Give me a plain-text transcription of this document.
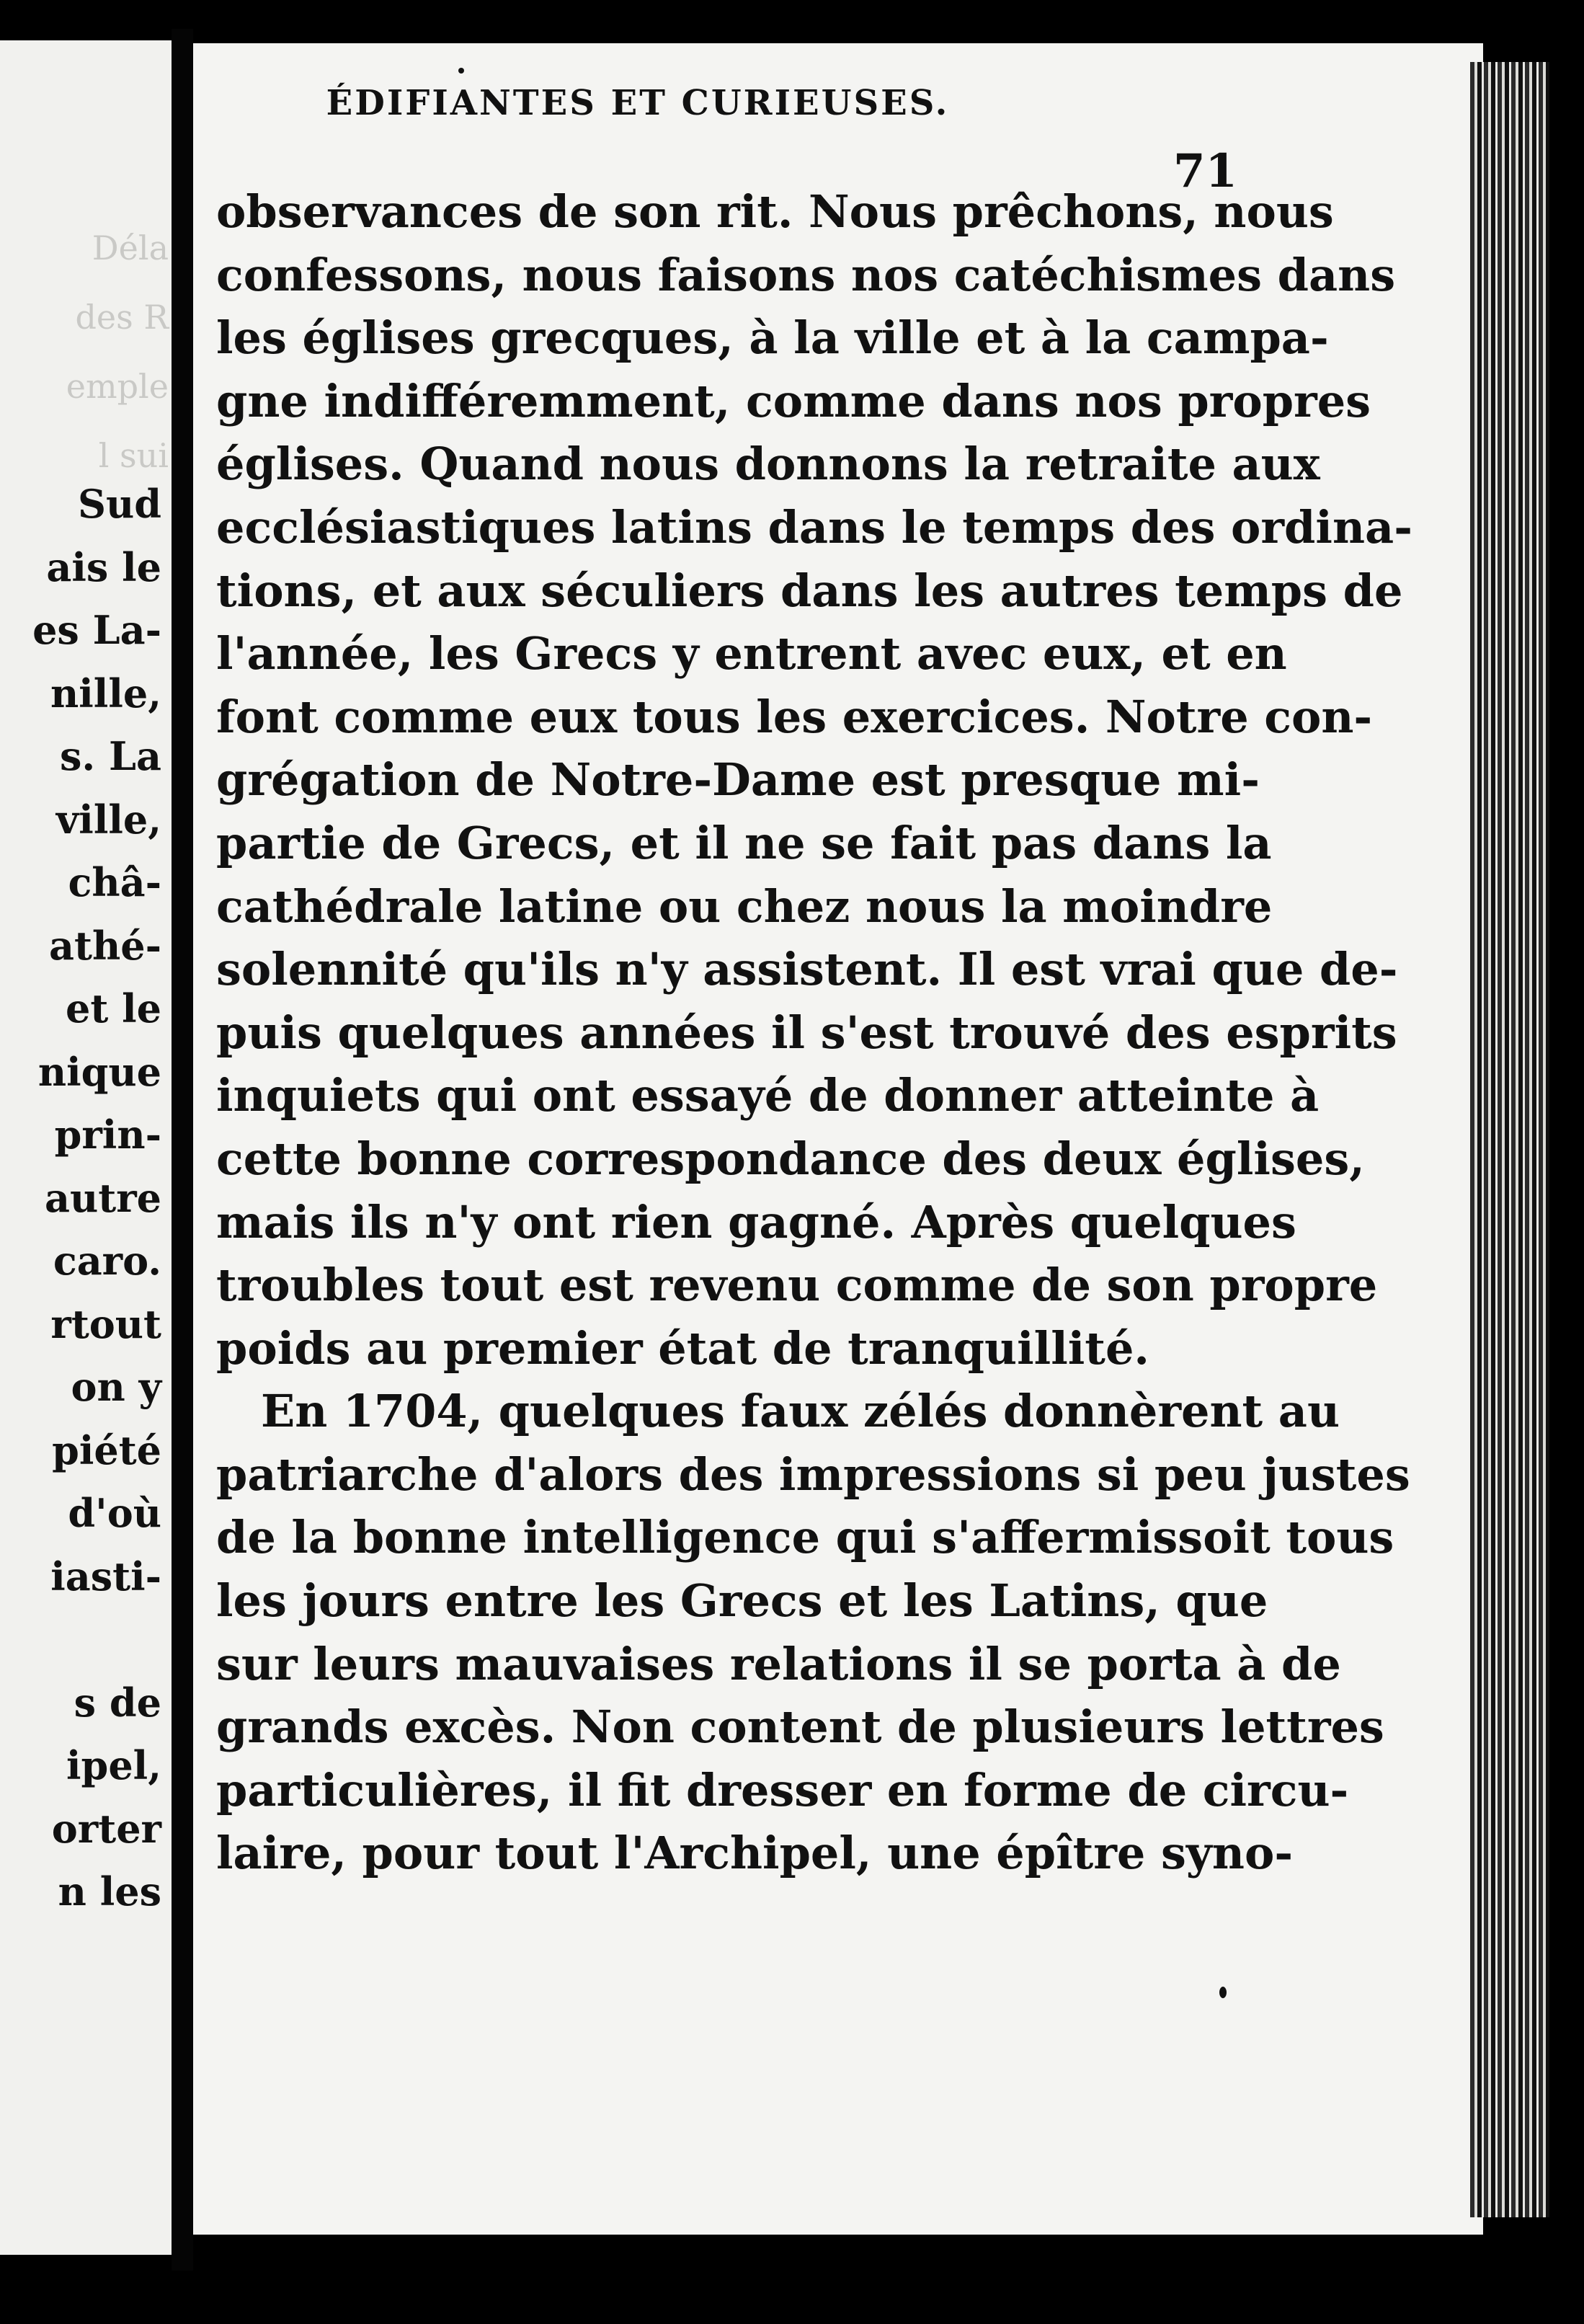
Déla
des R
emple
l sui
Sud
ais le
es La-
nille,
s. La
ville,
châ-
athé-
et le
nique
prin-
autre
caro.
rtout
on y
piété
d'où
iasti-

s de
ipel,
orter
n les
ÉDIFIANTES ET CURIEUSES.
71
observances de son rit. Nous prêchons, nous
confessons, nous faisons nos catéchismes dans
les églises grecques, à la ville et à la campa-
gne indifféremment, comme dans nos propres
églises. Quand nous donnons la retraite aux
ecclésiastiques latins dans le temps des ordina-
tions, et aux séculiers dans les autres temps de
l'année, les Grecs y entrent avec eux, et en
font comme eux tous les exercices. Notre con-
grégation de Notre-Dame est presque mi-
partie de Grecs, et il ne se fait pas dans la
cathédrale latine ou chez nous la moindre
solennité qu'ils n'y assistent. Il est vrai que de-
puis quelques années il s'est trouvé des esprits
inquiets qui ont essayé de donner atteinte à
cette bonne correspondance des deux églises,
mais ils n'y ont rien gagné. Après quelques
troubles tout est revenu comme de son propre
poids au premier état de tranquillité.
En 1704, quelques faux zélés donnèrent au
patriarche d'alors des impressions si peu justes
de la bonne intelligence qui s'affermissoit tous
les jours entre les Grecs et les Latins, que
sur leurs mauvaises relations il se porta à de
grands excès. Non content de plusieurs lettres
particulières, il fit dresser en forme de circu-
laire, pour tout l'Archipel, une épître syno-
